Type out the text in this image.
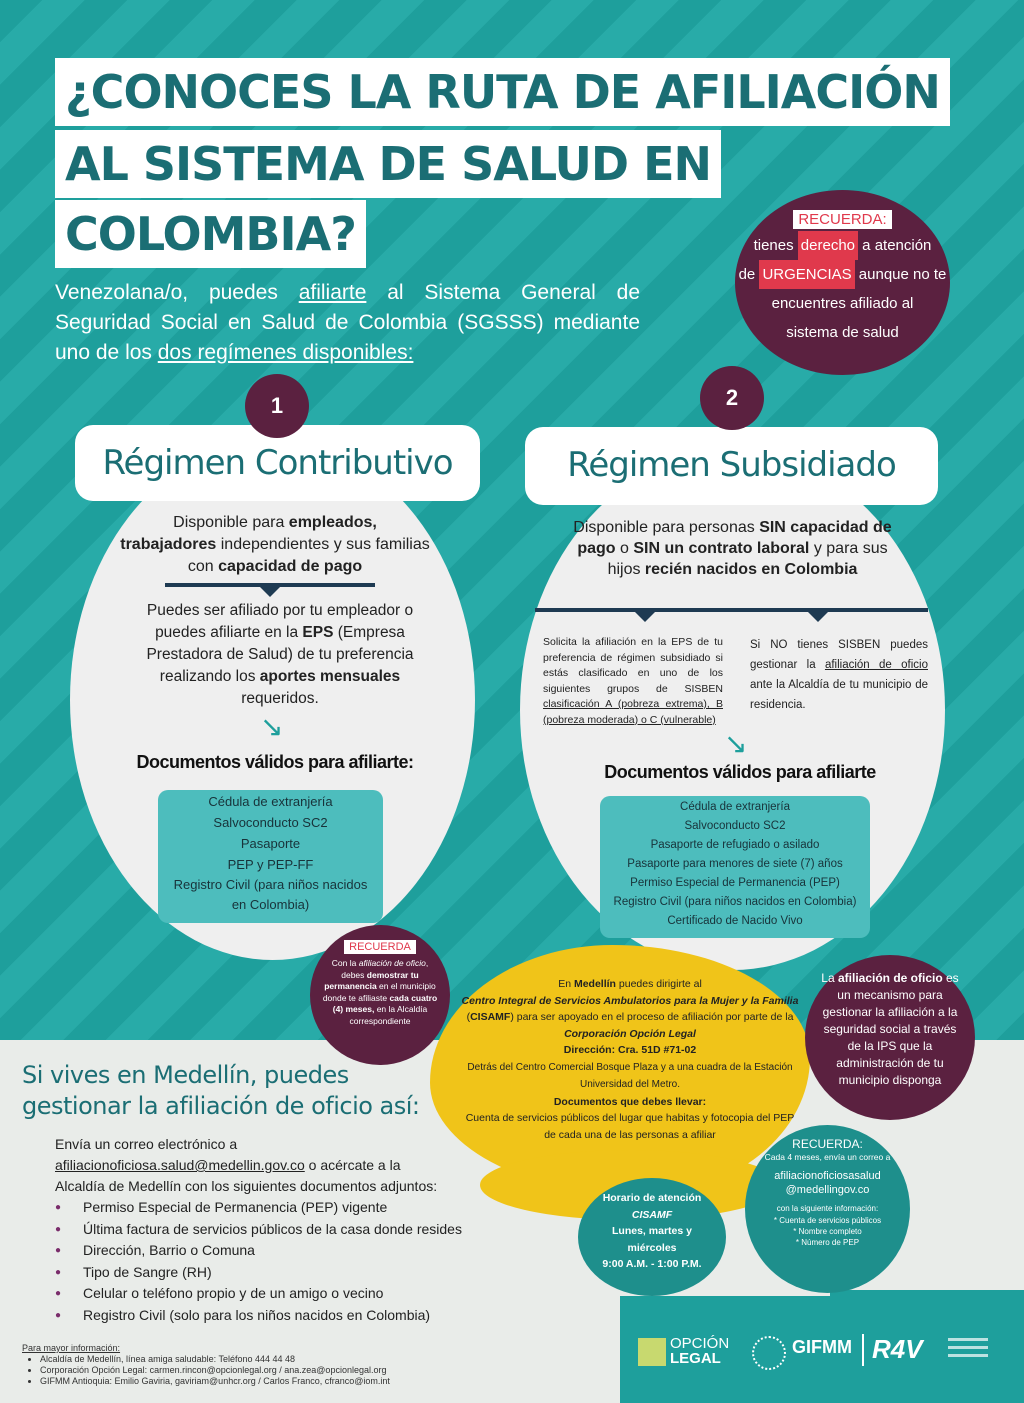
¿CONOCES LA RUTA DE AFILIACIÓN
AL SISTEMA DE SALUD EN
COLOMBIA?
Venezolana/o, puedes afiliarte al Sistema General de Seguridad Social en Salud de Colombia (SGSSS) mediante uno de los dos regímenes disponibles:
RECUERDA:
tienes derecho a atención
de URGENCIAS aunque no te
encuentres afiliado al
sistema de salud
Régimen Contributivo
1
Disponible para empleados,
trabajadores independientes y sus familias con capacidad de pago
Puedes ser afiliado por tu empleador o puedes afiliarte en la EPS (Empresa Prestadora de Salud) de tu preferencia realizando los aportes mensuales requeridos.
↘
Documentos válidos para afiliarte:
Cédula de extranjería
Salvoconducto SC2
Pasaporte
PEP y PEP-FF
Registro Civil (para niños nacidos en Colombia)
Régimen Subsidiado
2
Disponible para personas SIN capacidad de pago o SIN un contrato laboral y para sus hijos recién nacidos en Colombia
Solicita la afiliación en la EPS de tu preferencia de régimen subsidiado si estás clasificado en uno de los siguientes grupos de SISBEN clasificación A (pobreza extrema), B (pobreza moderada) o C (vulnerable)
Si NO tienes SISBEN puedes gestionar la afiliación de oficio ante la Alcaldía de tu municipio de residencia.
↘
Documentos válidos para afiliarte
Cédula de extranjería
Salvoconducto SC2
Pasaporte de refugiado o asilado
Pasaporte para menores de siete (7) años
Permiso Especial de Permanencia (PEP)
Registro Civil (para niños nacidos en Colombia)
Certificado de Nacido Vivo
En Medellín puedes dirigirte al
Centro Integral de Servicios Ambulatorios para la Mujer y la Familia (CISAMF) para ser apoyado en el proceso de afiliación por parte de la Corporación Opción Legal
Dirección: Cra. 51D #71-02
Detrás del Centro Comercial Bosque Plaza y a una cuadra de la Estación Universidad del Metro.
Documentos que debes llevar:
Cuenta de servicios públicos del lugar que habitas y fotocopia del PEP de cada una de las personas a afiliar
RECUERDA
Con la afiliación de oficio, debes demostrar tu permanencia en el municipio donde te afiliaste cada cuatro (4) meses, en la Alcaldía correspondiente
La afiliación de oficio es un mecanismo para gestionar la afiliación a la seguridad social a través de la IPS que la administración de tu municipio disponga
Si vives en Medellín, puedes
gestionar la afiliación de oficio así:
Envía un correo electrónico a
afiliacionoficiosa.salud@medellin.gov.co o acércate a la
Alcaldía de Medellín con los siguientes documentos adjuntos:
● Permiso Especial de Permanencia (PEP) vigente
● Última factura de servicios públicos de la casa donde resides
● Dirección, Barrio o Comuna
● Tipo de Sangre (RH)
● Celular o teléfono propio y de un amigo o vecino
● Registro Civil (solo para los niños nacidos en Colombia)
Horario de atención
CISAMF
Lunes, martes y miércoles
9:00 A.M. - 1:00 P.M.
RECUERDA:
Cada 4 meses, envía un correo a
afiliacionoficiosasalud
@medellingov.co
con la siguiente información:
* Cuenta de servicios públicos
* Nombre completo
* Número de PEP
Para mayor información:
• Alcaldía de Medellín, línea amiga saludable: Teléfono 444 44 48
• Corporación Opción Legal: carmen.rincon@opcionlegal.org / ana.zea@opcionlegal.org
• GIFMM Antioquia: Emilio Gaviria, gaviriam@unhcr.org / Carlos Franco, cfranco@iom.int
OPCIÓN
LEGAL
GIFMM R4V
